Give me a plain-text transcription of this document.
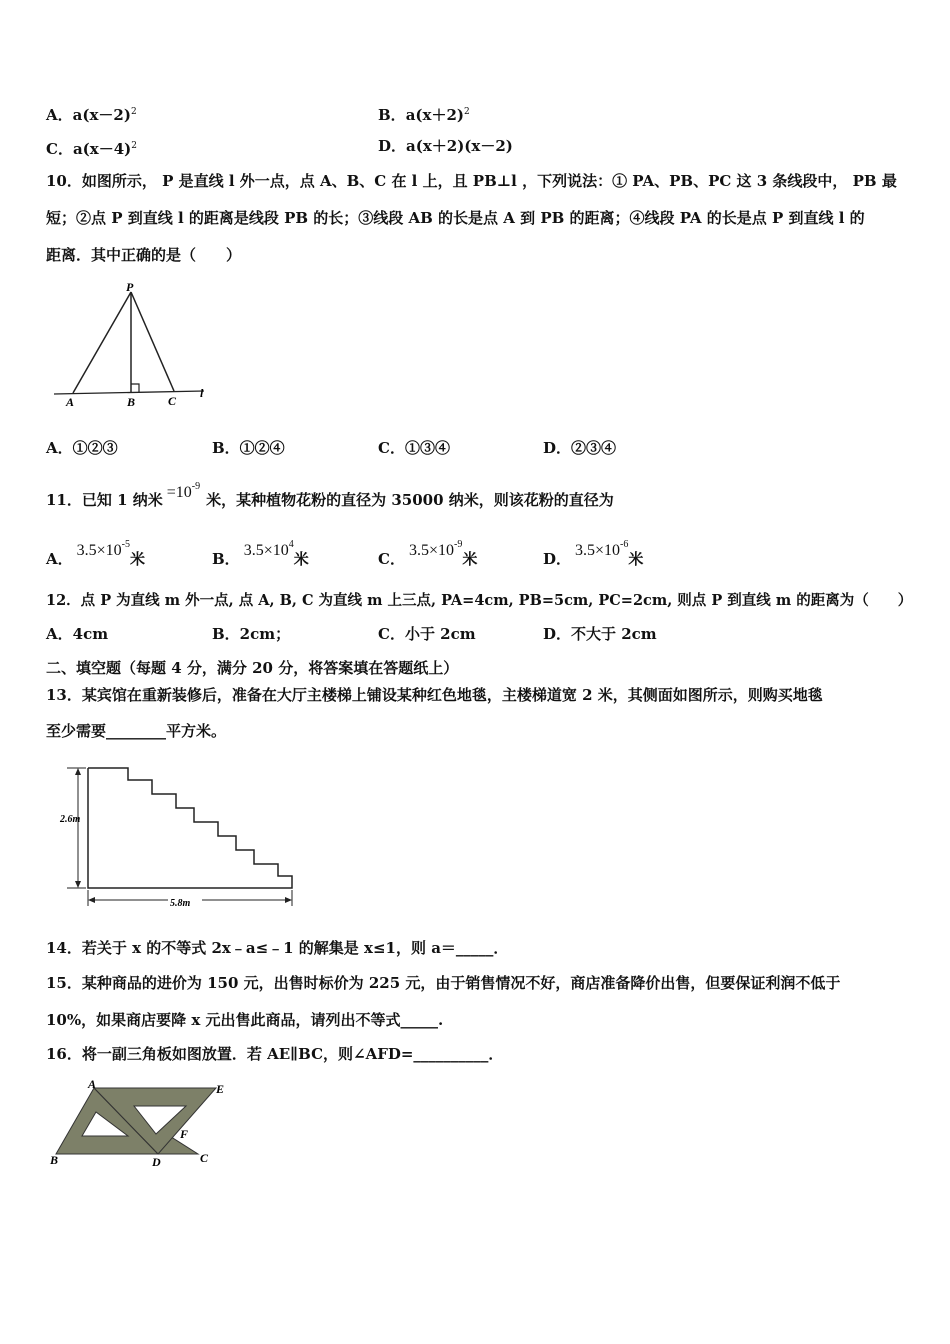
A．$a(x-2)^2$	B．$a(x+2)^2$
C．$a(x-4)^2$	D．a(x＋2)(x－2)
10．如图所示， P 是直线 l 外一点，点 A、B、C 在 l 上，且 PB⊥l ，下列说法：① PA、PB、PC 这 3 条线段中， PB 最
短；②点 P 到直线 l 的距离是线段 PB 的长；③线段 AB 的长是点 A 到 PB 的距离；④线段 PA 的长是点 P 到直线 l 的
距离．其中正确的是（　　）
P
A	B	C
l
A．①②③	B．①②④	C．①③④	D．②③④
11．已知 1 纳米 $=10^{-9}$米，某种植物花粉的直径为 35000 纳米，则该花粉的直径为
A． $3.5\times 10^{-5}$米	B． $3.5\times 10^4$米	C． $3.5\times 10^{-9}$米	D． $3.5\times 10^{-6}$米
12．点 P 为直线 m 外一点, 点 A, B, C 为直线 m 上三点, PA=4cm, PB=5cm, PC=2cm, 则点 P 到直线 m 的距离为（　　）
A．4cm	B．2cm；	C．小于 2cm	D．不大于 2cm
二、填空题（每题 4 分，满分 20 分，将答案填在答题纸上）
13．某宾馆在重新装修后，准备在大厅主楼梯上铺设某种红色地毯，主楼梯道宽 2 米，其侧面如图所示，则购买地毯
至少需要________平方米。
2.6m
5.8m
14．若关于 x 的不等式 2x﹣a≤﹣1 的解集是 x≤1，则 a＝_____．
15．某种商品的进价为 150 元，出售时标价为 225 元，由于销售情况不好，商店准备降价出售，但要保证利润不低于
10%，如果商店要降 x 元出售此商品，请列出不等式_____.
16．将一副三角板如图放置．若 AE∥BC，则∠AFD=__________．
A	E
B	D	C
F
